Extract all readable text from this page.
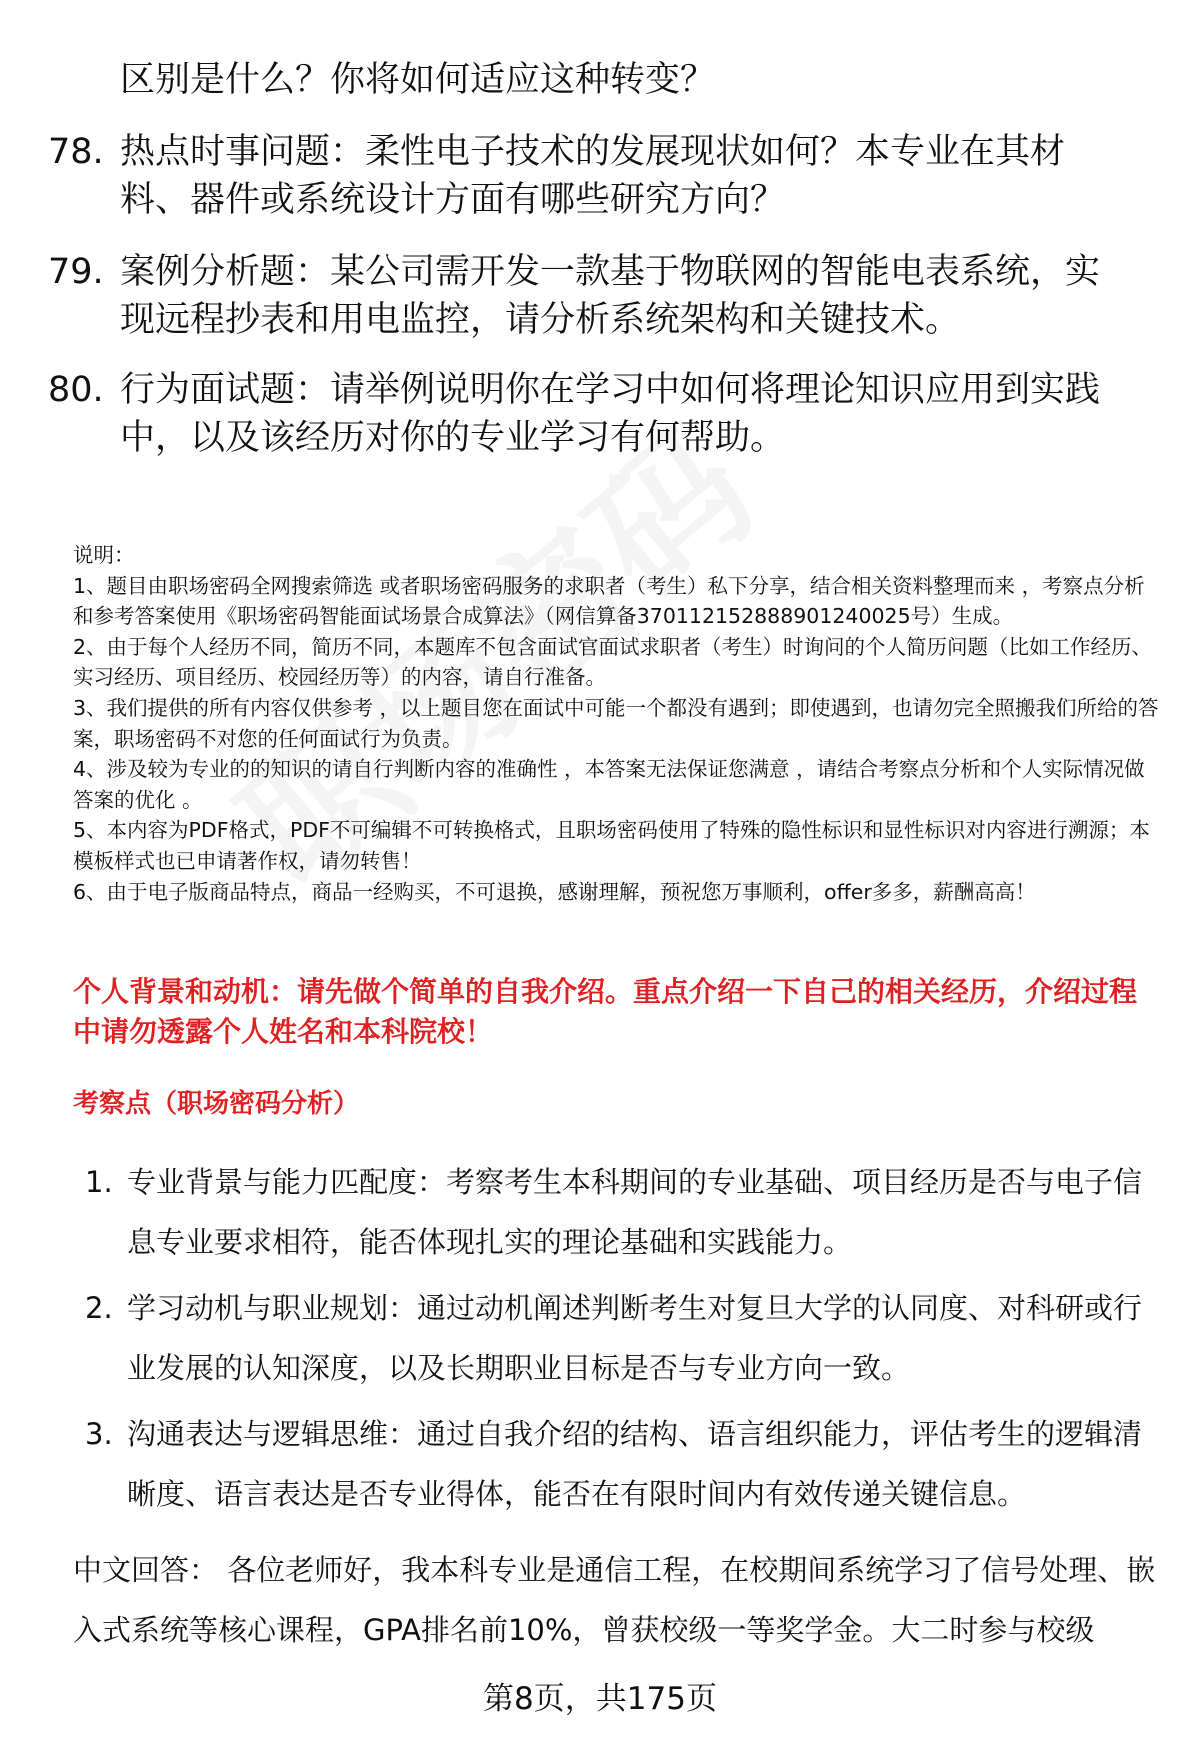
区别是什么？你将如何适应这种转变？
78. 热点时事问题：柔性电子技术的发展现状如何？本专业在其材料、器件或系统设计方面有哪些研究方向？
79. 案例分析题：某公司需开发一款基于物联网的智能电表系统，实现远程抄表和用电监控，请分析系统架构和关键技术。
80. 行为面试题：请举例说明你在学习中如何将理论知识应用到实践中，以及该经历对你的专业学习有何帮助。
说明：
1、题目由职场密码全网搜索筛选 或者职场密码服务的求职者（考生）私下分享，结合相关资料整理而来 ，考察点分析和参考答案使用《职场密码智能面试场景合成算法》（网信算备370112152888901240025号）生成。
2、由于每个人经历不同，简历不同，本题库不包含面试官面试求职者（考生）时询问的个人简历问题（比如工作经历、实习经历、项目经历、校园经历等）的内容，请自行准备。
3、我们提供的所有内容仅供参考 ，以上题目您在面试中可能一个都没有遇到；即使遇到，也请勿完全照搬我们所给的答案，职场密码不对您的任何面试行为负责。
4、涉及较为专业的的知识的请自行判断内容的准确性 ，本答案无法保证您满意 ，请结合考察点分析和个人实际情况做答案的优化 。
5、本内容为PDF格式，PDF不可编辑不可转换格式，且职场密码使用了特殊的隐性标识和显性标识对内容进行溯源；本模板样式也已申请著作权，请勿转售！
6、由于电子版商品特点，商品一经购买，不可退换，感谢理解，预祝您万事顺利，offer多多，薪酬高高！
个人背景和动机：请先做个简单的自我介绍。重点介绍一下自己的相关经历，介绍过程中请勿透露个人姓名和本科院校！
考察点（职场密码分析）
1. 专业背景与能力匹配度：考察考生本科期间的专业基础、项目经历是否与电子信息专业要求相符，能否体现扎实的理论基础和实践能力。
2. 学习动机与职业规划：通过动机阐述判断考生对复旦大学的认同度、对科研或行业发展的认知深度，以及长期职业目标是否与专业方向一致。
3. 沟通表达与逻辑思维：通过自我介绍的结构、语言组织能力，评估考生的逻辑清晰度、语言表达是否专业得体，能否在有限时间内有效传递关键信息。
中文回答： 各位老师好，我本科专业是通信工程，在校期间系统学习了信号处理、嵌入式系统等核心课程，GPA排名前10%，曾获校级一等奖学金。大二时参与校级
第8页，共175页
